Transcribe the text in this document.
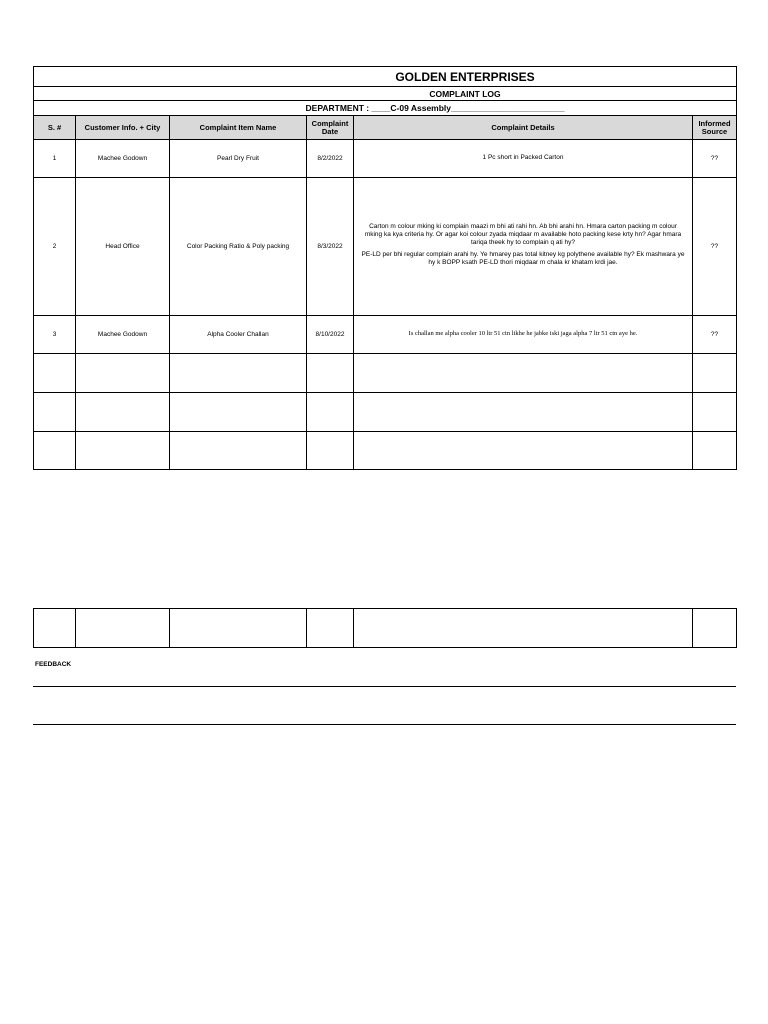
GOLDEN ENTERPRISES					
COMPLAINT LOG					
DEPARTMENT : ____C-09 Assembly________________________					
S. #	Customer Info. + City	Complaint Item Name	Complaint Date	Complaint Details	Informed Source
1	Machee Godown	Pearl Dry Fruit	8/2/2022	1 Pc short in Packed Carton	??
2	Head Office	Color Packing Ratio & Poly packing	8/3/2022	Carton m colour mking ki complain maazi m bhi ati rahi hn. Ab bhi arahi hn. Hmara carton packing m colour mking ka kya criteria hy. Or agar koi colour zyada miqdaar m available hoto packing kese krty hn? Agar hmara tariqa theek hy to complain q ati hy?

PE-LD per bhi regular complain arahi hy. Ye hmarey pas total kitney kg polythene available hy? Ek mashwara ye hy k BOPP ksath PE-LD thori miqdaar m chala kr khatam krdi jae.	??
3	Machee Godown	Alpha Cooler Challan	8/10/2022	Is challan me alpha cooler 10 ltr 51 ctn likhe he jabke iski jaga alpha 7 ltr 51 ctn aye he.	??

FEEDBACK
